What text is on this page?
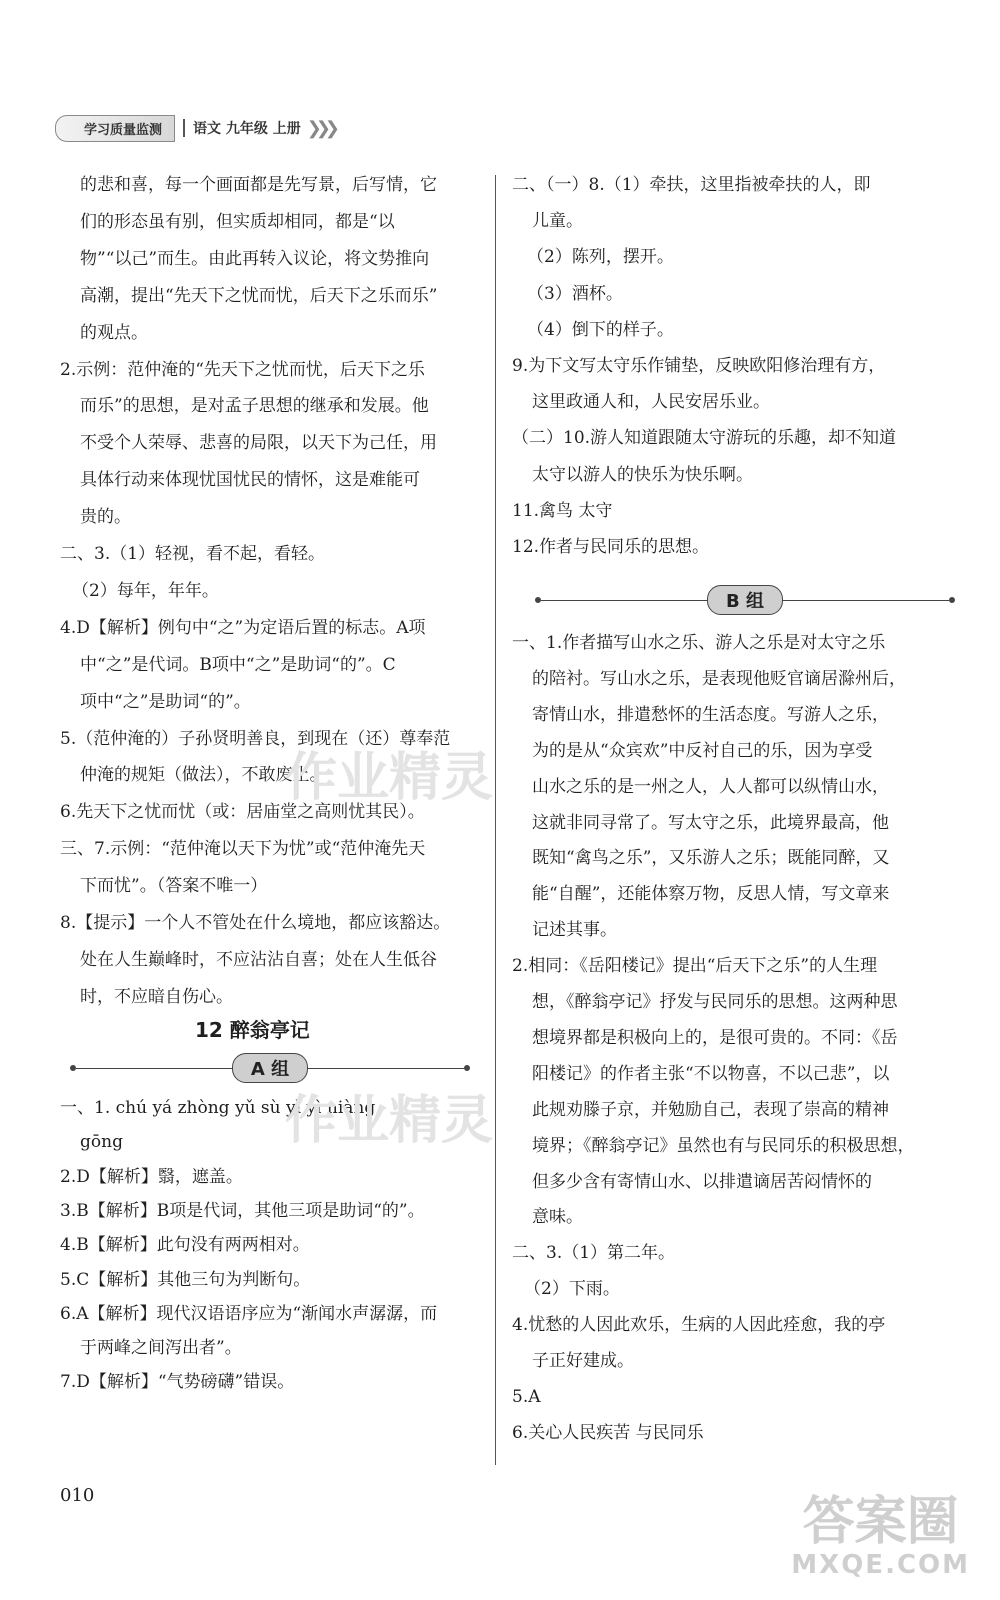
学习质量监测	语文 九年级 上册 ❯❯❯

的悲和喜，每一个画面都是先写景，后写情，它

们的形态虽有别，但实质却相同，都是“以

物”“以己”而生。由此再转入议论，将文势推向

高潮，提出“先天下之忧而忧，后天下之乐而乐”

的观点。

2.示例：范仲淹的“先天下之忧而忧，后天下之乐

而乐”的思想，是对孟子思想的继承和发展。他

不受个人荣辱、悲喜的局限，以天下为己任，用

具体行动来体现忧国忧民的情怀，这是难能可

贵的。

二、3.（1）轻视，看不起，看轻。

（2）每年，年年。

4.D【解析】例句中“之”为定语后置的标志。A项

中“之”是代词。B项中“之”是助词“的”。C

项中“之”是助词“的”。

5.（范仲淹的）子孙贤明善良，到现在（还）尊奉范

仲淹的规矩（做法），不敢废止。

6.先天下之忧而忧（或：居庙堂之高则忧其民）。

三、7.示例：“范仲淹以天下为忧”或“范仲淹先天

下而忧”。（答案不唯一）

8.【提示】一个人不管处在什么境地，都应该豁达。

处在人生巅峰时，不应沾沾自喜；处在人生低谷

时，不应暗自伤心。

一、1. chú yá zhòng yǔ sù yì yì niàng

gōng

2.D【解析】翳，遮盖。

3.B【解析】B项是代词，其他三项是助词“的”。

4.B【解析】此句没有两两相对。

5.C【解析】其他三句为判断句。

6.A【解析】现代汉语语序应为“渐闻水声潺潺，而

于两峰之间泻出者”。

7.D【解析】“气势磅礴”错误。

二、（一）8.（1）牵扶，这里指被牵扶的人，即

儿童。

（2）陈列，摆开。

（3）酒杯。

（4）倒下的样子。

9.为下文写太守乐作铺垫，反映欧阳修治理有方，

这里政通人和，人民安居乐业。

（二）10.游人知道跟随太守游玩的乐趣，却不知道

太守以游人的快乐为快乐啊。

11.禽鸟 太守

12.作者与民同乐的思想。

一、1.作者描写山水之乐、游人之乐是对太守之乐

的陪衬。写山水之乐，是表现他贬官谪居滁州后，

寄情山水，排遣愁怀的生活态度。写游人之乐，

为的是从“众宾欢”中反衬自己的乐，因为享受

山水之乐的是一州之人，人人都可以纵情山水，

这就非同寻常了。写太守之乐，此境界最高，他

既知“禽鸟之乐”，又乐游人之乐；既能同醉，又

能“自醒”，还能体察万物，反思人情，写文章来

记述其事。

2.相同：《岳阳楼记》提出“后天下之乐”的人生理

想，《醉翁亭记》抒发与民同乐的思想。这两种思

想境界都是积极向上的，是很可贵的。不同：《岳

阳楼记》的作者主张“不以物喜，不以己悲”，以

此规劝滕子京，并勉励自己，表现了崇高的精神

境界；《醉翁亭记》虽然也有与民同乐的积极思想，

但多少含有寄情山水、以排遣谪居苦闷情怀的

意味。

二、3.（1）第二年。

（2）下雨。

4.忧愁的人因此欢乐，生病的人因此痊愈，我的亭

子正好建成。

5.A

6.关心人民疾苦 与民同乐

12 醉翁亭记
A 组
B 组
010
作业精灵
作业精灵
答案圈
MXQE.COM
